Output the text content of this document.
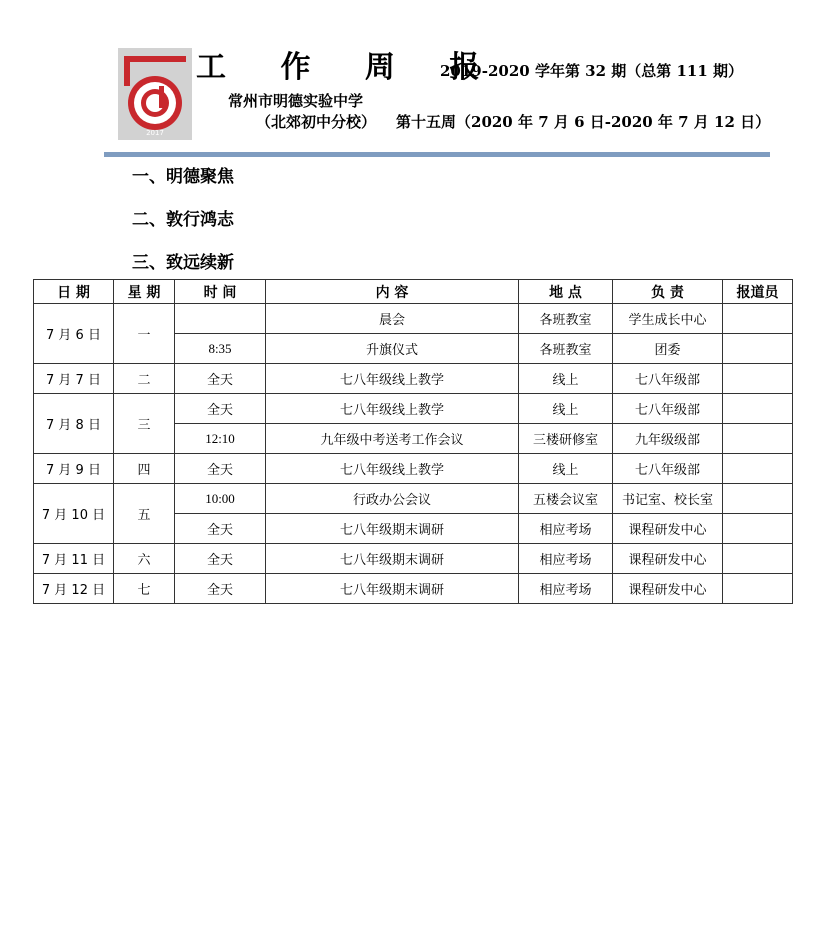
2017
工 作 周 报
2019-2020 学年第 32 期（总第 111 期）
常州市明德实验中学
（北郊初中分校） 第十五周（2020 年 7 月 6 日-2020 年 7 月 12 日）
一、明德聚焦
二、敦行鸿志
三、致远续新
日 期	星 期	时 间	内 容	地 点	负 责	报道员
7 月 6 日	一		晨会	各班教室	学生成长中心	
		8:35	升旗仪式	各班教室	团委	
7 月 7 日	二	全天	七八年级线上教学	线上	七八年级部	
7 月 8 日	三	全天	七八年级线上教学	线上	七八年级部	
		12:10	九年级中考送考工作会议	三楼研修室	九年级级部	
7 月 9 日	四	全天	七八年级线上教学	线上	七八年级部	
7 月 10 日	五	10:00	行政办公会议	五楼会议室	书记室、校长室	
		全天	七八年级期末调研	相应考场	课程研发中心	
7 月 11 日	六	全天	七八年级期末调研	相应考场	课程研发中心	
7 月 12 日	七	全天	七八年级期末调研	相应考场	课程研发中心	
